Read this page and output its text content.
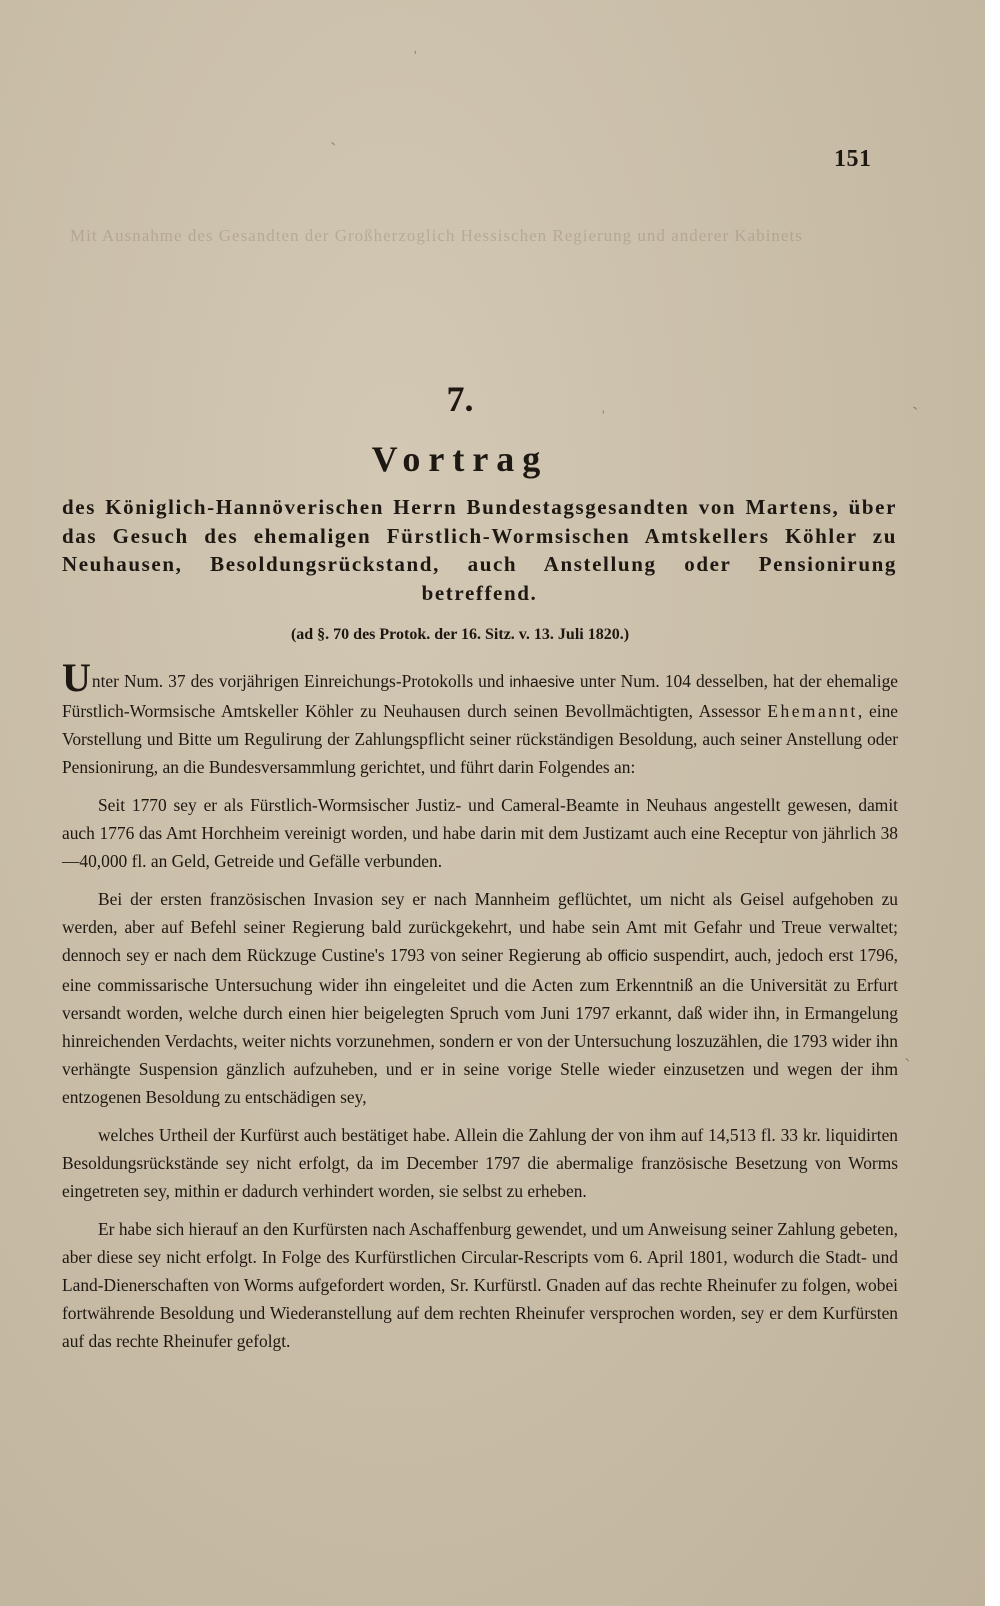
ˈ
ˌ
ˋ
ˏ
ˏ
151
Mit Ausnahme des Gesandten der Großherzoglich Hessischen Regierung und anderer Kabinets
7.
Vortrag
des Königlich-Hannöverischen Herrn Bundestagsgesandten von Martens, über das Gesuch des ehemaligen Fürstlich-Wormsischen Amtskellers Köhler zu Neuhausen, Besoldungsrückstand, auch Anstellung oder Pensionirung betreffend.
(ad §. 70 des Protok. der 16. Sitz. v. 13. Juli 1820.)

Unter Num. 37 des vorjährigen Einreichungs-Protokolls und inhaesive unter Num. 104 desselben, hat der ehemalige Fürstlich-Wormsische Amtskeller Köhler zu Neuhausen durch seinen Bevollmächtigten, Assessor Ehemannt, eine Vorstellung und Bitte um Regulirung der Zahlungspflicht seiner rückständigen Besoldung, auch seiner Anstellung oder Pensionirung, an die Bundesversammlung gerichtet, und führt darin Folgendes an:

Seit 1770 sey er als Fürstlich-Wormsischer Justiz- und Cameral-Beamte in Neuhaus angestellt gewesen, damit auch 1776 das Amt Horchheim vereinigt worden, und habe darin mit dem Justizamt auch eine Receptur von jährlich 38—40,000 fl. an Geld, Getreide und Gefälle verbunden.

Bei der ersten französischen Invasion sey er nach Mannheim geflüchtet, um nicht als Geisel aufgehoben zu werden, aber auf Befehl seiner Regierung bald zurückgekehrt, und habe sein Amt mit Gefahr und Treue verwaltet; dennoch sey er nach dem Rückzuge Custine's 1793 von seiner Regierung ab officio suspendirt, auch, jedoch erst 1796, eine commissarische Untersuchung wider ihn eingeleitet und die Acten zum Erkenntniß an die Universität zu Erfurt versandt worden, welche durch einen hier beigelegten Spruch vom Juni 1797 erkannt, daß wider ihn, in Ermangelung hinreichenden Verdachts, weiter nichts vorzunehmen, sondern er von der Untersuchung loszuzählen, die 1793 wider ihn verhängte Suspension gänzlich aufzuheben, und er in seine vorige Stelle wieder einzusetzen und wegen der ihm entzogenen Besoldung zu entschädigen sey,

welches Urtheil der Kurfürst auch bestätiget habe. Allein die Zahlung der von ihm auf 14,513 fl. 33 kr. liquidirten Besoldungsrückstände sey nicht erfolgt, da im December 1797 die abermalige französische Besetzung von Worms eingetreten sey, mithin er dadurch verhindert worden, sie selbst zu erheben.

Er habe sich hierauf an den Kurfürsten nach Aschaffenburg gewendet, und um Anweisung seiner Zahlung gebeten, aber diese sey nicht erfolgt. In Folge des Kurfürstlichen Circular-Rescripts vom 6. April 1801, wodurch die Stadt- und Land-Dienerschaften von Worms aufgefordert worden, Sr. Kurfürstl. Gnaden auf das rechte Rheinufer zu folgen, wobei fortwährende Besoldung und Wiederanstellung auf dem rechten Rheinufer versprochen worden, sey er dem Kurfürsten auf das rechte Rheinufer gefolgt.
